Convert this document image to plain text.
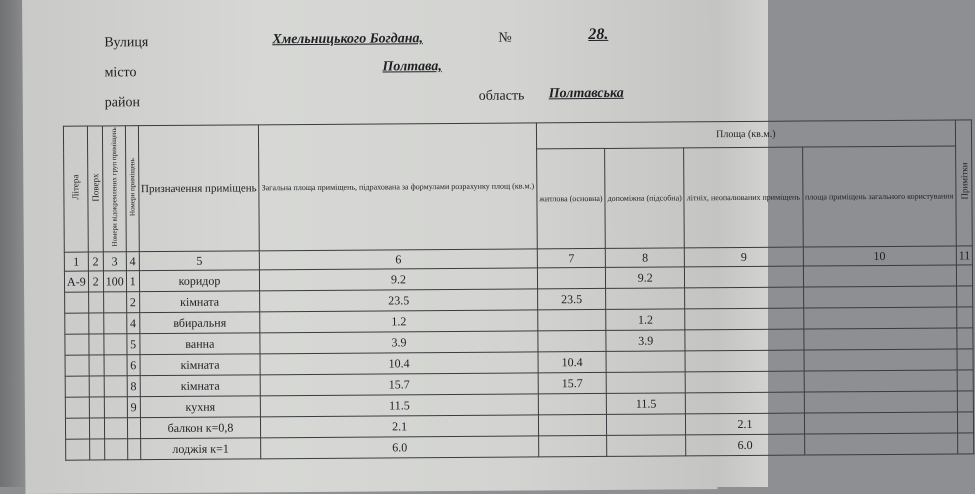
Вулиця	Хмельницького Богдана,	№	28.
місто	Полтава,
район	область Полтавська
Літера	Поверх	Номери відокремлених груп приміщень	Номери приміщень	Призначення приміщень	Загальна площа приміщень, підрахована за формулами розрахунку площ (кв.м.)	Площа (кв.м.)				Примітки
						житлова (основна)	допоміжна (підсобна)	літніх, неопалюваних приміщень	площа приміщень загального користування	
1	2	3	4	5	6	7	8	9	10	11
А-9	2	100	1	коридор	9.2		9.2			
			2	кімната	23.5	23.5				
			4	вбиральня	1.2		1.2			
			5	ванна	3.9		3.9			
			6	кімната	10.4	10.4				
			8	кімната	15.7	15.7				
			9	кухня	11.5		11.5			
				балкон к=0,8	2.1			2.1		
				лоджія к=1	6.0			6.0		
